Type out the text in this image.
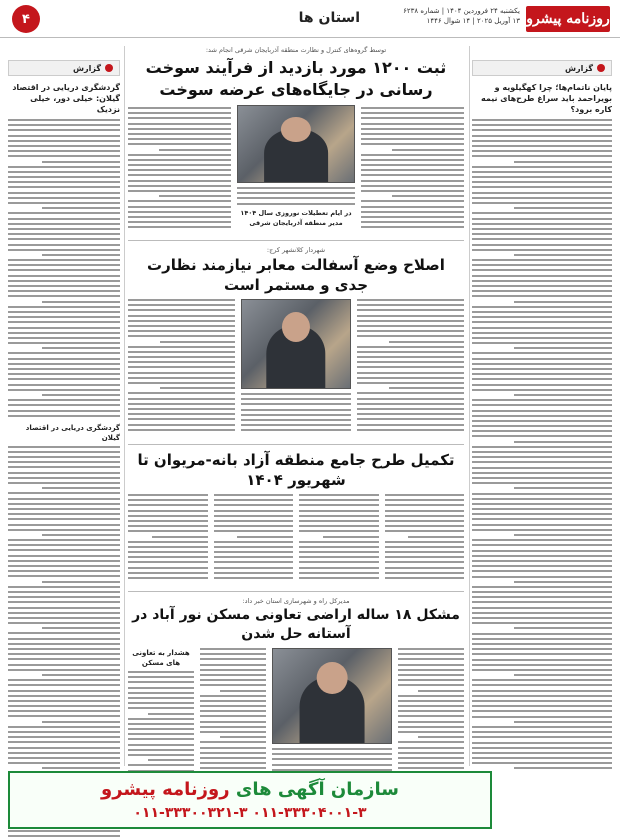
روزنامه پیشرو
یکشنبه ۲۴ فروردین ۱۴۰۴ | شماره ۶۲۳۸
۱۳ آوریل ۲۰۲۵ | ۱۴ شوال ۱۴۴۶
استان ها
۴
گزارش
پایان ناتمام‌ها؛ چرا کهگیلویه و بویراحمد باید سراغ طرح‌های نیمه کاره برود؟
گزارش
گردشگری دریایی در اقتصاد گیلان: خیلی دور، خیلی نزدیک
گردشگری دریایی در اقتصاد گیلان
توسط گروه‌های کنترل و نظارت منطقه آذربایجان شرقی انجام شد:
ثبت ۱۲۰۰ مورد بازدید از فرآیند سوخت رسانی در جایگاه‌های عرضه سوخت
در ایام تعطیلات نوروزی سال ۱۴۰۴
مدیر منطقه آذربایجان شرقی
شهردار کلانشهر کرج:
اصلاح وضع آسفالت معابر نیازمند نظارت جدی و مستمر است
تکمیل طرح جامع منطقه آزاد بانه-مریوان تا شهریور ۱۴۰۴
مدیرکل راه و شهرسازی استان خبر داد:
مشکل ۱۸ ساله اراضی تعاونی مسکن نور آباد در آستانه حل شدن
هشدار به تعاونی های مسکن
سازمان آگهی های روزنامه پیشرو
۰۱۱-۳۳۳۰۰۳۲۱-۳ ۰۱۱-۳۳۳۰۴۰۰۱-۳
